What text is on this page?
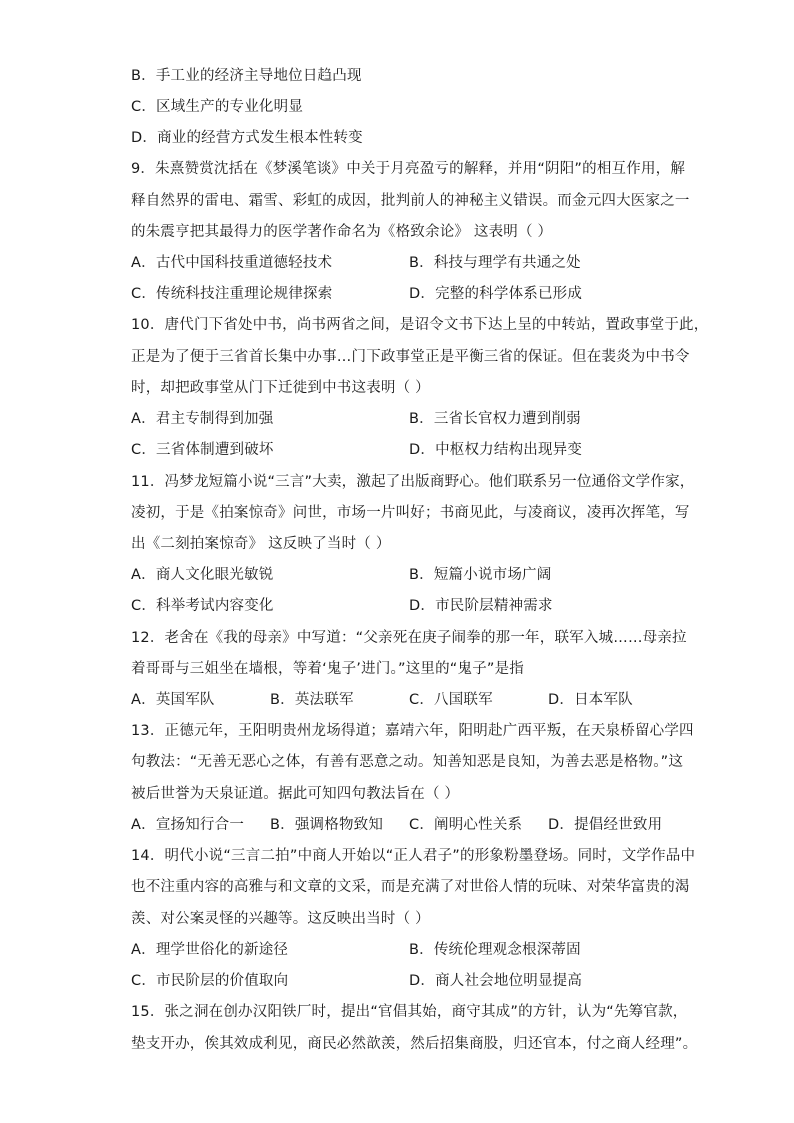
B．手工业的经济主导地位日趋凸现
C．区域生产的专业化明显
D．商业的经营方式发生根本性转变
9．朱熹赞赏沈括在《梦溪笔谈》中关于月亮盈亏的解释，并用“阴阳”的相互作用，解
释自然界的雷电、霜雪、彩虹的成因，批判前人的神秘主义错误。而金元四大医家之一
的朱震亨把其最得力的医学著作命名为《格致余论》 这表明（ ）
A．古代中国科技重道德轻技术	B．科技与理学有共通之处
C．传统科技注重理论规律探索	D．完整的科学体系已形成
10．唐代门下省处中书，尚书两省之间，是诏令文书下达上呈的中转站，置政事堂于此，
正是为了便于三省首长集中办事…门下政事堂正是平衡三省的保证。但在裴炎为中书令
时，却把政事堂从门下迁徙到中书这表明（ ）
A．君主专制得到加强	B．三省长官权力遭到削弱
C．三省体制遭到破坏	D．中枢权力结构出现异变
11．冯梦龙短篇小说“三言”大卖，激起了出版商野心。他们联系另一位通俗文学作家，
凌初，于是《拍案惊奇》问世，市场一片叫好；书商见此，与凌商议，凌再次挥笔，写
出《二刻拍案惊奇》 这反映了当时（ ）
A．商人文化眼光敏锐	B．短篇小说市场广阔
C．科举考试内容变化	D．市民阶层精神需求
12．老舍在《我的母亲》中写道：“父亲死在庚子闹拳的那一年，联军入城……母亲拉
着哥哥与三姐坐在墙根，等着‘鬼子’进门。”这里的“鬼子”是指
A．英国军队	B．英法联军	C．八国联军	D．日本军队
13．正德元年，王阳明贵州龙场得道；嘉靖六年，阳明赴广西平叛，在天泉桥留心学四
句教法：“无善无恶心之体，有善有恶意之动。知善知恶是良知，为善去恶是格物。”这
被后世誉为天泉证道。据此可知四句教法旨在（ ）
A．宣扬知行合一 B．强调格物致知 C．阐明心性关系 D．提倡经世致用
14．明代小说“三言二拍”中商人开始以“正人君子”的形象粉墨登场。同时，文学作品中
也不注重内容的高雅与和文章的文采，而是充满了对世俗人情的玩味、对荣华富贵的渴
羡、对公案灵怪的兴趣等。这反映出当时（ ）
A．理学世俗化的新途径	B．传统伦理观念根深蒂固
C．市民阶层的价值取向	D．商人社会地位明显提高
15．张之洞在创办汉阳铁厂时，提出“官倡其始，商守其成”的方针，认为“先筹官款，
垫支开办，俟其效成利见，商民必然歆羡，然后招集商股，归还官本，付之商人经理”。
